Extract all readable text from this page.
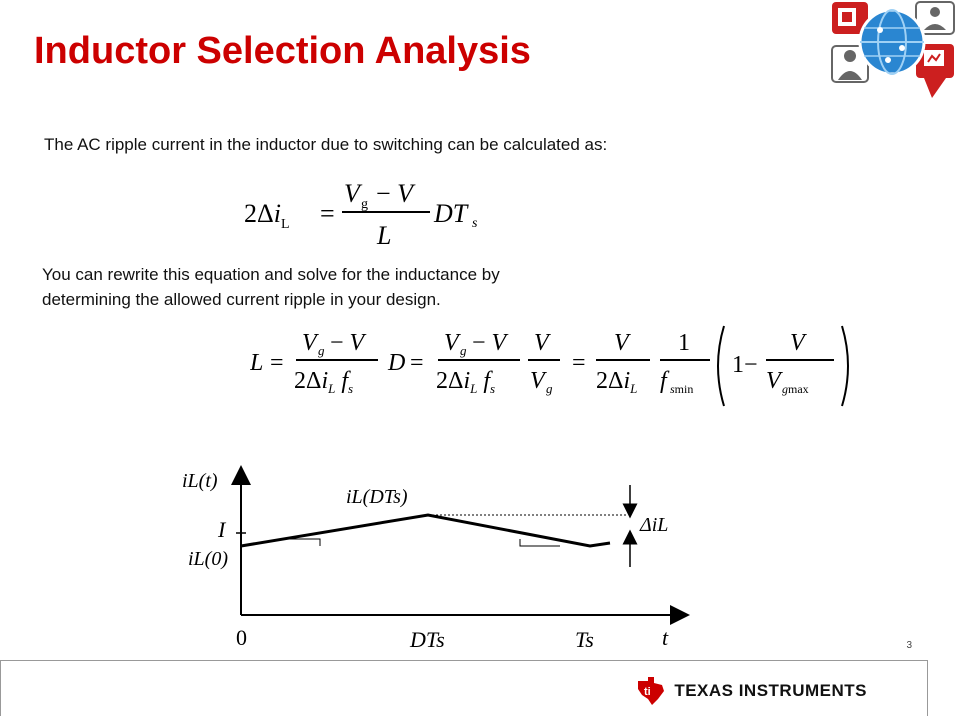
Inductor Selection Analysis
The AC ripple current in the inductor due to switching can be calculated as:
$2\Delta i_L$ =
V g − V
L
DT s
You can rewrite this equation and solve for the inductance by determining the allowed current ripple in your design.
L =
V g − V
$2\Delta i_L$ $f_s$
D =
V g − V
$2\Delta i_L$ $f_s$
V
V g
=
V
$2\Delta i_L$
1
f smin
1−
V
V gmax
iL(t)
iL(DTs)
I
iL(0)
ΔiL
0	DTs	Ts	t	3
ti TEXAS INSTRUMENTS
